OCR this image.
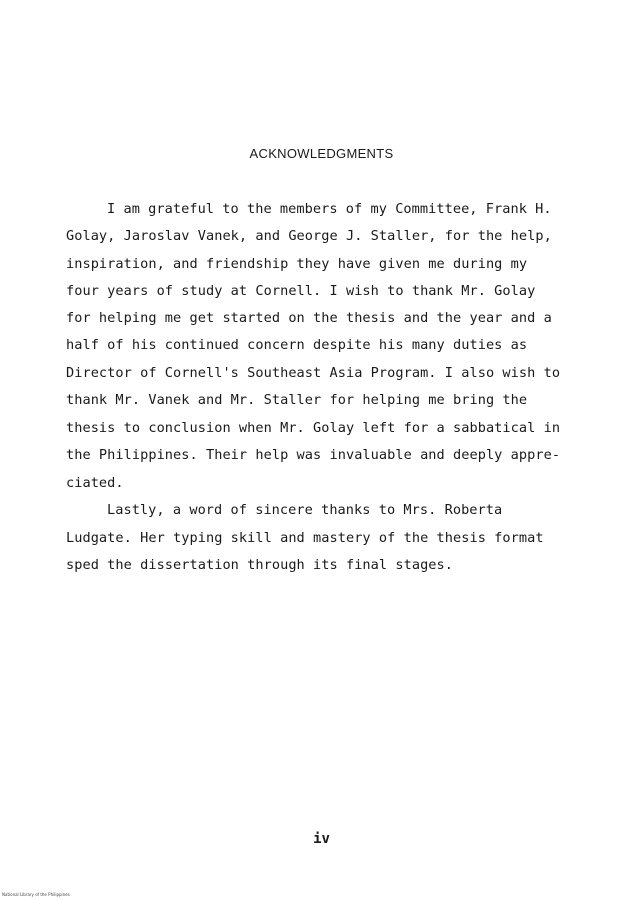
ACKNOWLEDGMENTS
I am grateful to the members of my Committee, Frank H.
Golay, Jaroslav Vanek, and George J. Staller, for the help,
inspiration, and friendship they have given me during my
four years of study at Cornell. I wish to thank Mr. Golay
for helping me get started on the thesis and the year and a
half of his continued concern despite his many duties as
Director of Cornell's Southeast Asia Program. I also wish to
thank Mr. Vanek and Mr. Staller for helping me bring the
thesis to conclusion when Mr. Golay left for a sabbatical in
the Philippines. Their help was invaluable and deeply appre-
ciated.
Lastly, a word of sincere thanks to Mrs. Roberta
Ludgate. Her typing skill and mastery of the thesis format
sped the dissertation through its final stages.
iv
National Library of the Philippines
